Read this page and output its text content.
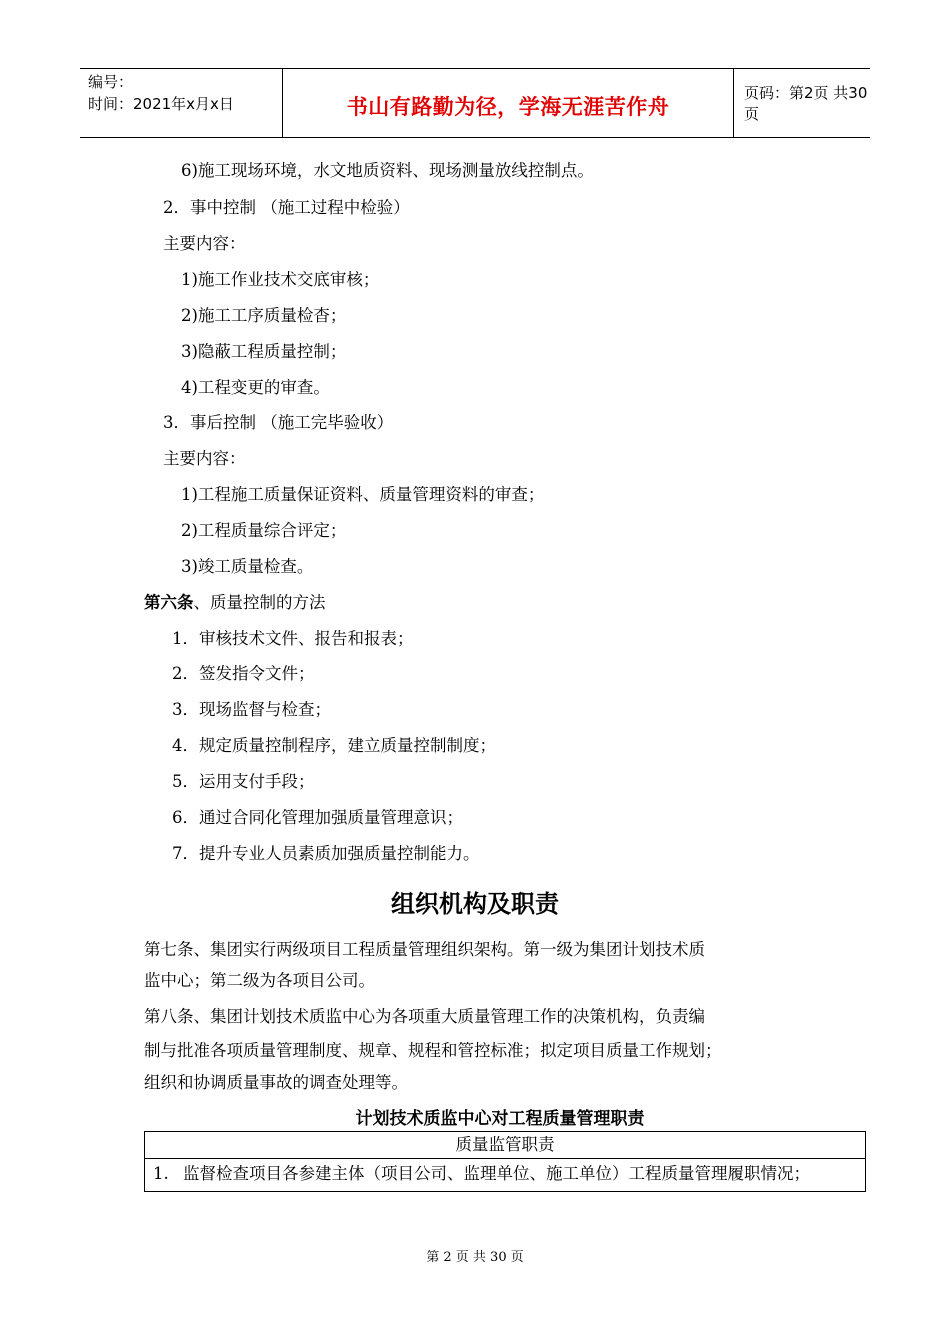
编号：
时间：2021年x月x日	书山有路勤为径，学海无涯苦作舟
页码：第2页 共30页
6)施工现场环境，水文地质资料、现场测量放线控制点。
2．事中控制 （施工过程中检验）
主要内容：
1)施工作业技术交底审核；
2)施工工序质量检杳；
3)隐蔽工程质量控制；
4)工程变更的审查。
3．事后控制 （施工完毕验收）
主要内容：
1)工程施工质量保证资料、质量管理资料的审查；
2)工程质量综合评定；
3)竣工质量检查。
第六条、质量控制的方法
1．审核技术文件、报告和报表；
2．签发指令文件；
3．现场监督与检查；
4．规定质量控制程序，建立质量控制制度；
5．运用支付手段；
6．通过合同化管理加强质量管理意识；
7．提升专业人员素质加强质量控制能力。
组织机构及职责
第七条、集团实行两级项目工程质量管理组织架构。第一级为集团计划技术质
监中心；第二级为各项目公司。
第八条、集团计划技术质监中心为各项重大质量管理工作的决策机构，负责编
制与批准各项质量管理制度、规章、规程和管控标准；拟定项目质量工作规划；
组织和协调质量事故的调查处理等。
计划技术质监中心对工程质量管理职责
质量监管职责
1. 监督检查项目各参建主体（项目公司、监理单位、施工单位）工程质量管理履职情况；
第 2 页 共 30 页
